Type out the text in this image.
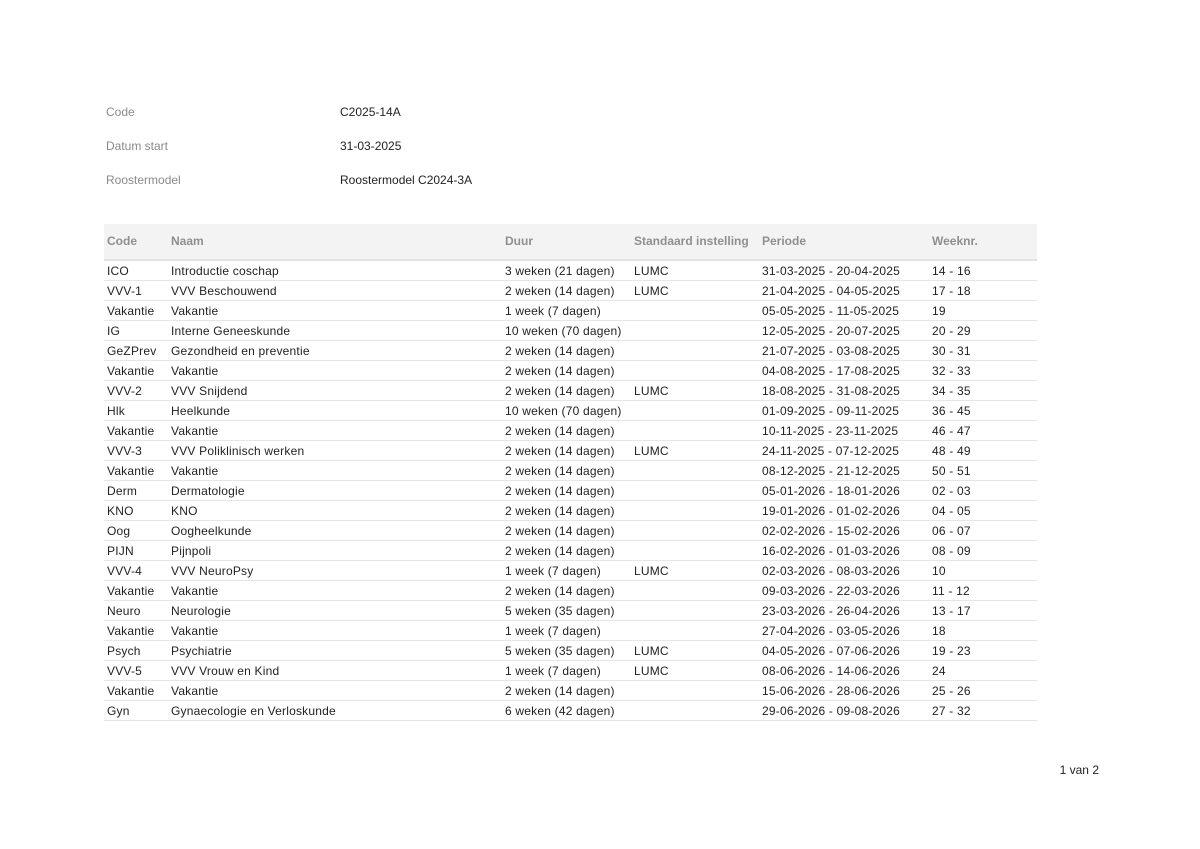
Code	C2025-14A
Datum start	31-03-2025
Roostermodel	Roostermodel C2024-3A
Code	Naam	Duur	Standaard instelling	Periode	Weeknr.
ICO	Introductie coschap	3 weken (21 dagen)	LUMC	31-03-2025 - 20-04-2025	14 - 16
VVV-1	VVV Beschouwend	2 weken (14 dagen)	LUMC	21-04-2025 - 04-05-2025	17 - 18
Vakantie	Vakantie	1 week (7 dagen)		05-05-2025 - 11-05-2025	19
IG	Interne Geneeskunde	10 weken (70 dagen)		12-05-2025 - 20-07-2025	20 - 29
GeZPrev	Gezondheid en preventie	2 weken (14 dagen)		21-07-2025 - 03-08-2025	30 - 31
Vakantie	Vakantie	2 weken (14 dagen)		04-08-2025 - 17-08-2025	32 - 33
VVV-2	VVV Snijdend	2 weken (14 dagen)	LUMC	18-08-2025 - 31-08-2025	34 - 35
Hlk	Heelkunde	10 weken (70 dagen)		01-09-2025 - 09-11-2025	36 - 45
Vakantie	Vakantie	2 weken (14 dagen)		10-11-2025 - 23-11-2025	46 - 47
VVV-3	VVV Poliklinisch werken	2 weken (14 dagen)	LUMC	24-11-2025 - 07-12-2025	48 - 49
Vakantie	Vakantie	2 weken (14 dagen)		08-12-2025 - 21-12-2025	50 - 51
Derm	Dermatologie	2 weken (14 dagen)		05-01-2026 - 18-01-2026	02 - 03
KNO	KNO	2 weken (14 dagen)		19-01-2026 - 01-02-2026	04 - 05
Oog	Oogheelkunde	2 weken (14 dagen)		02-02-2026 - 15-02-2026	06 - 07
PIJN	Pijnpoli	2 weken (14 dagen)		16-02-2026 - 01-03-2026	08 - 09
VVV-4	VVV NeuroPsy	1 week (7 dagen)	LUMC	02-03-2026 - 08-03-2026	10
Vakantie	Vakantie	2 weken (14 dagen)		09-03-2026 - 22-03-2026	11 - 12
Neuro	Neurologie	5 weken (35 dagen)		23-03-2026 - 26-04-2026	13 - 17
Vakantie	Vakantie	1 week (7 dagen)		27-04-2026 - 03-05-2026	18
Psych	Psychiatrie	5 weken (35 dagen)	LUMC	04-05-2026 - 07-06-2026	19 - 23
VVV-5	VVV Vrouw en Kind	1 week (7 dagen)	LUMC	08-06-2026 - 14-06-2026	24
Vakantie	Vakantie	2 weken (14 dagen)		15-06-2026 - 28-06-2026	25 - 26
Gyn	Gynaecologie en Verloskunde	6 weken (42 dagen)		29-06-2026 - 09-08-2026	27 - 32
1 van 2
